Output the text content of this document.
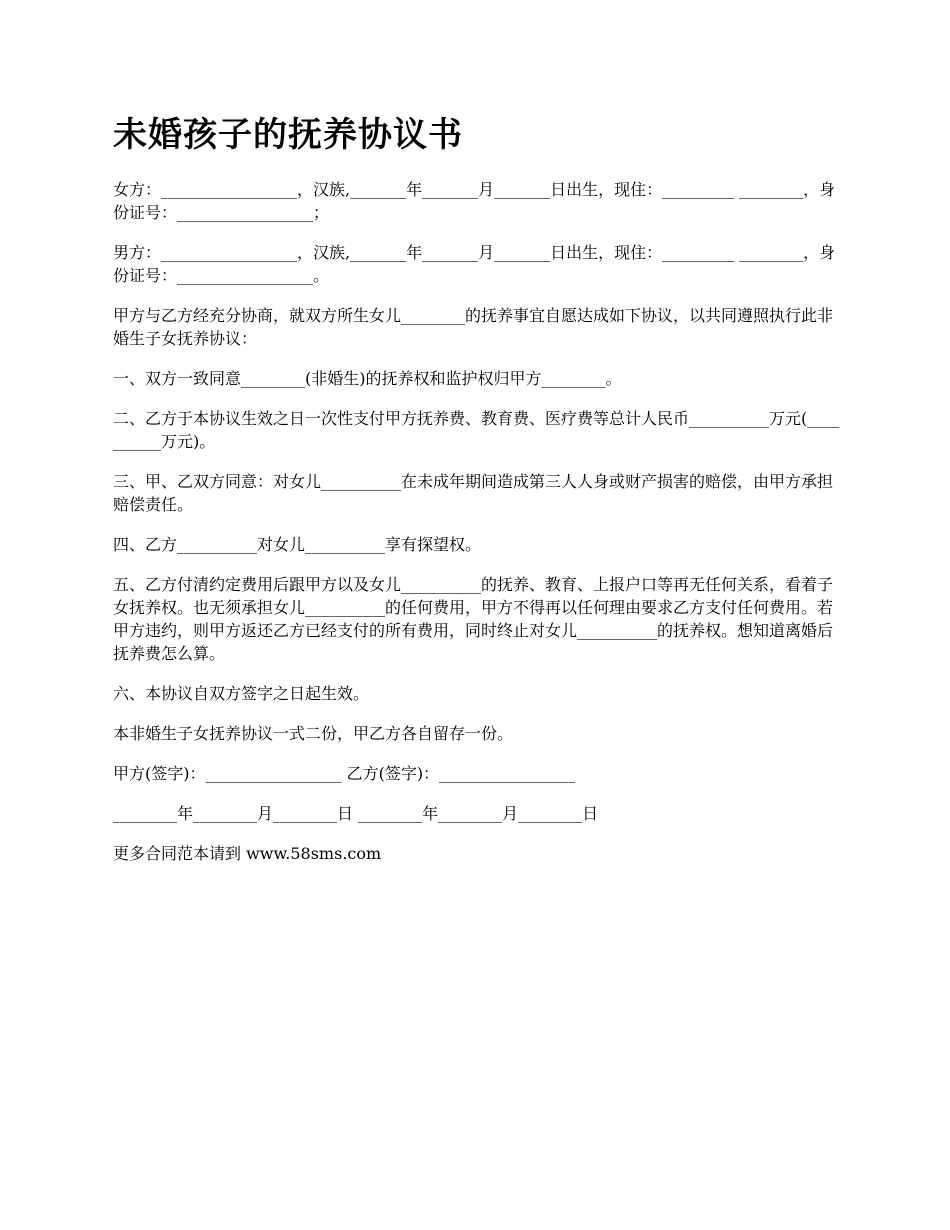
未婚孩子的抚养协议书

女方：_________________，汉族,_______年_______月_______日出生，现住：_________ ________，身份证号：_________________；

男方：_________________，汉族,_______年_______月_______日出生，现住：_________ ________，身份证号：_________________。

甲方与乙方经充分协商，就双方所生女儿________的抚养事宜自愿达成如下协议，以共同遵照执行此非婚生子女抚养协议：

一、双方一致同意________(非婚生)的抚养权和监护权归甲方________。

二、乙方于本协议生效之日一次性支付甲方抚养费、教育费、医疗费等总计人民币__________万元(__________万元)。

三、甲、乙双方同意：对女儿__________在未成年期间造成第三人人身或财产损害的赔偿，由甲方承担赔偿责任。

四、乙方__________对女儿__________享有探望权。

五、乙方付清约定费用后跟甲方以及女儿__________的抚养、教育、上报户口等再无任何关系，看着子女抚养权。也无须承担女儿__________的任何费用，甲方不得再以任何理由要求乙方支付任何费用。若甲方违约，则甲方返还乙方已经支付的所有费用，同时终止对女儿__________的抚养权。想知道离婚后抚养费怎么算。

六、本协议自双方签字之日起生效。

本非婚生子女抚养协议一式二份，甲乙方各自留存一份。

甲方(签字)：_________________ 乙方(签字)：_________________

________年________月________日 ________年________月________日

更多合同范本请到 www.58sms.com
